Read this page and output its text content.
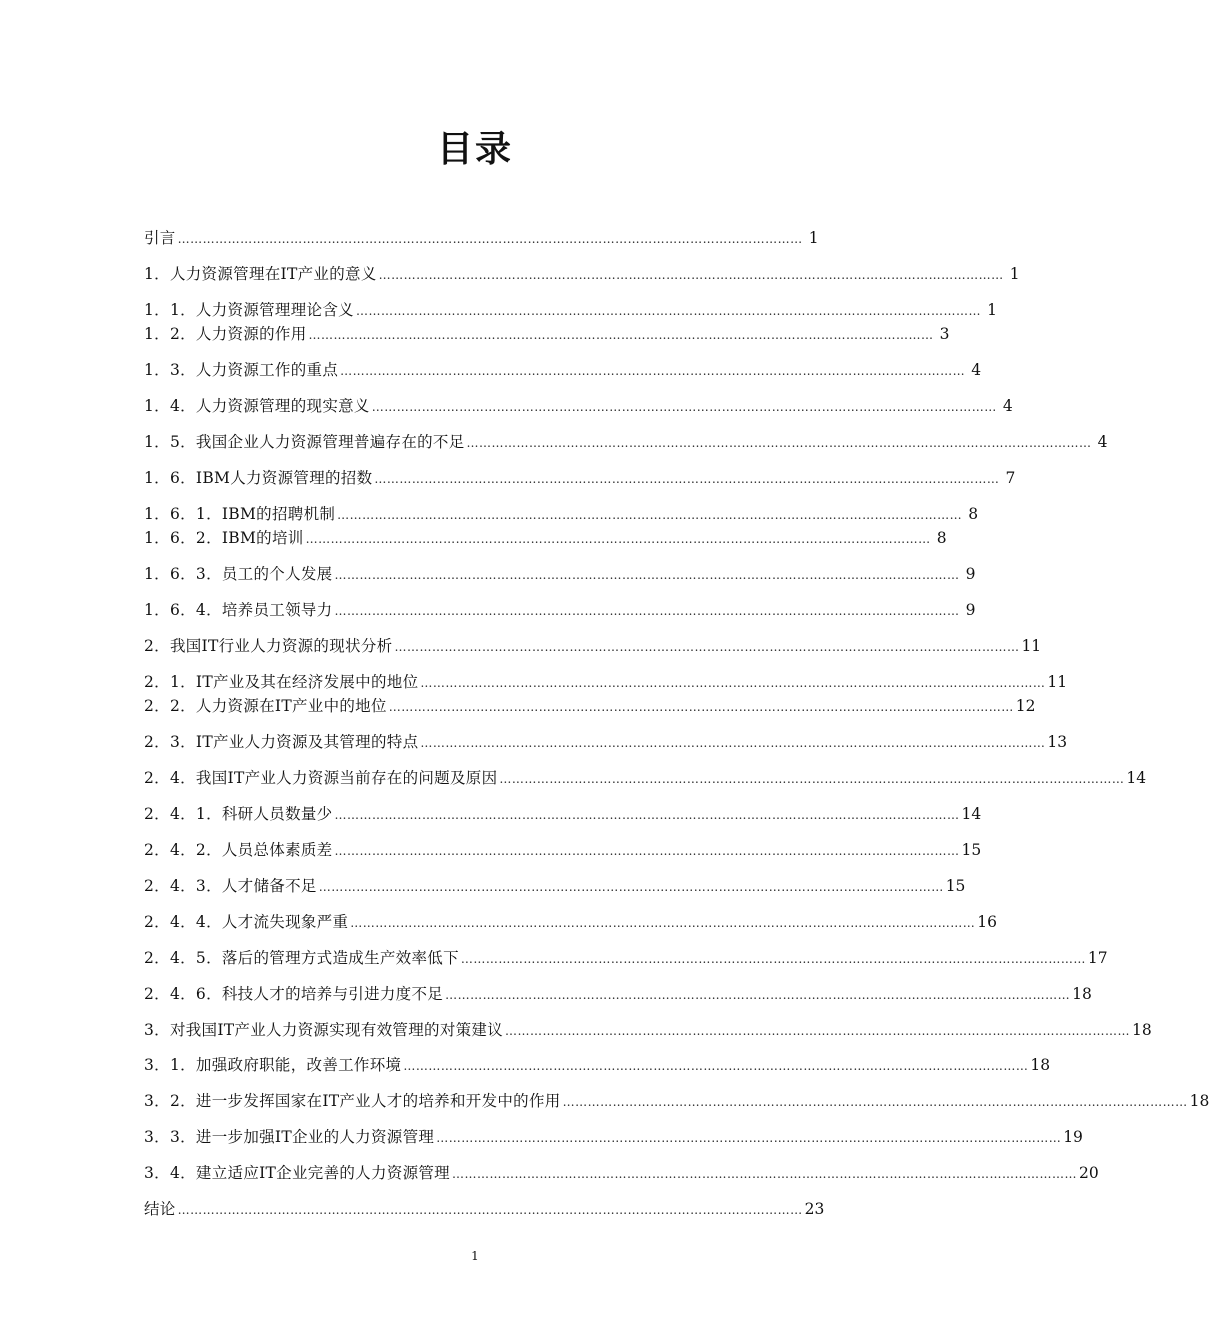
目录
引言 …………………………………………………………………………………………………………………………………… 1
1．人力资源管理在IT产业的意义 …………………………………………………………………………………………………………………………………… 1
1．1．人力资源管理理论含义 …………………………………………………………………………………………………………………………………… 1
1．2．人力资源的作用 …………………………………………………………………………………………………………………………………… 3
1．3．人力资源工作的重点 …………………………………………………………………………………………………………………………………… 4
1．4．人力资源管理的现实意义 …………………………………………………………………………………………………………………………………… 4
1．5．我国企业人力资源管理普遍存在的不足 …………………………………………………………………………………………………………………………………… 4
1．6．IBM人力资源管理的招数 …………………………………………………………………………………………………………………………………… 7
1．6．1．IBM的招聘机制 …………………………………………………………………………………………………………………………………… 8
1．6．2．IBM的培训 …………………………………………………………………………………………………………………………………… 8
1．6．3．员工的个人发展 …………………………………………………………………………………………………………………………………… 9
1．6．4．培养员工领导力 …………………………………………………………………………………………………………………………………… 9
2．我国IT行业人力资源的现状分析 …………………………………………………………………………………………………………………………………… 11
2．1．IT产业及其在经济发展中的地位 …………………………………………………………………………………………………………………………………… 11
2．2．人力资源在IT产业中的地位 …………………………………………………………………………………………………………………………………… 12
2．3．IT产业人力资源及其管理的特点 …………………………………………………………………………………………………………………………………… 13
2．4．我国IT产业人力资源当前存在的问题及原因 …………………………………………………………………………………………………………………………………… 14
2．4．1．科研人员数量少 …………………………………………………………………………………………………………………………………… 14
2．4．2．人员总体素质差 …………………………………………………………………………………………………………………………………… 15
2．4．3．人才储备不足 …………………………………………………………………………………………………………………………………… 15
2．4．4．人才流失现象严重 …………………………………………………………………………………………………………………………………… 16
2．4．5．落后的管理方式造成生产效率低下 …………………………………………………………………………………………………………………………………… 17
2．4．6．科技人才的培养与引进力度不足 …………………………………………………………………………………………………………………………………… 18
3．对我国IT产业人力资源实现有效管理的对策建议 …………………………………………………………………………………………………………………………………… 18
3．1．加强政府职能，改善工作环境 …………………………………………………………………………………………………………………………………… 18
3．2．进一步发挥国家在IT产业人才的培养和开发中的作用 …………………………………………………………………………………………………………………………………… 18
3．3．进一步加强IT企业的人力资源管理 …………………………………………………………………………………………………………………………………… 19
3．4．建立适应IT企业完善的人力资源管理 …………………………………………………………………………………………………………………………………… 20
结论 …………………………………………………………………………………………………………………………………… 23
1
